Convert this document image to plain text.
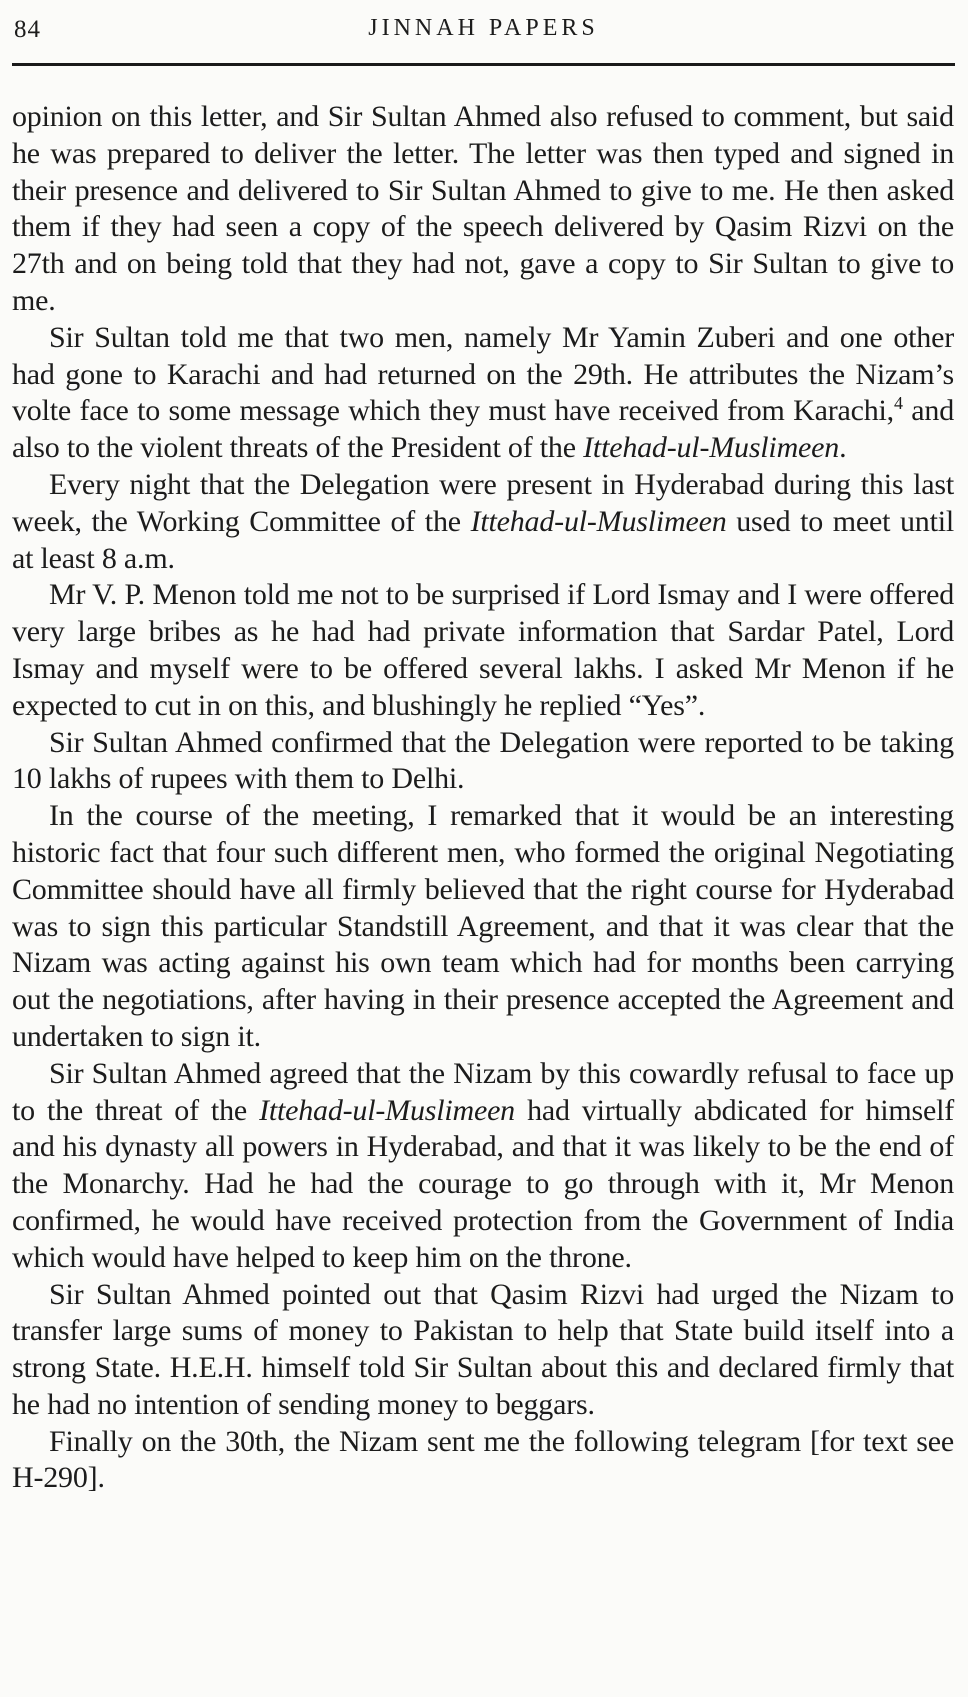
84	JINNAH PAPERS

opinion on this letter, and Sir Sultan Ahmed also refused to comment, but said he was prepared to deliver the letter. The letter was then typed and signed in their presence and delivered to Sir Sultan Ahmed to give to me. He then asked them if they had seen a copy of the speech delivered by Qasim Rizvi on the 27th and on being told that they had not, gave a copy to Sir Sultan to give to me.

Sir Sultan told me that two men, namely Mr Yamin Zuberi and one other had gone to Karachi and had returned on the 29th. He attributes the Nizam’s volte face to some message which they must have received from Karachi,$^4$ and also to the violent threats of the President of the Ittehad-ul-Muslimeen.

Every night that the Delegation were present in Hyderabad during this last week, the Working Committee of the Ittehad-ul-Muslimeen used to meet until at least 8 a.m.

Mr V. P. Menon told me not to be surprised if Lord Ismay and I were offered very large bribes as he had had private information that Sardar Patel, Lord Ismay and myself were to be offered several lakhs. I asked Mr Menon if he expected to cut in on this, and blushingly he replied “Yes”.

Sir Sultan Ahmed confirmed that the Delegation were reported to be taking 10 lakhs of rupees with them to Delhi.

In the course of the meeting, I remarked that it would be an interesting historic fact that four such different men, who formed the original Negotiating Committee should have all firmly believed that the right course for Hyderabad was to sign this particular Standstill Agreement, and that it was clear that the Nizam was acting against his own team which had for months been carrying out the negotiations, after having in their presence accepted the Agreement and undertaken to sign it.

Sir Sultan Ahmed agreed that the Nizam by this cowardly refusal to face up to the threat of the Ittehad-ul-Muslimeen had virtually abdicated for himself and his dynasty all powers in Hyderabad, and that it was likely to be the end of the Monarchy. Had he had the courage to go through with it, Mr Menon confirmed, he would have received protection from the Government of India which would have helped to keep him on the throne.

Sir Sultan Ahmed pointed out that Qasim Rizvi had urged the Nizam to transfer large sums of money to Pakistan to help that State build itself into a strong State. H.E.H. himself told Sir Sultan about this and declared firmly that he had no intention of sending money to beggars.

Finally on the 30th, the Nizam sent me the following telegram [for text see H-290].
